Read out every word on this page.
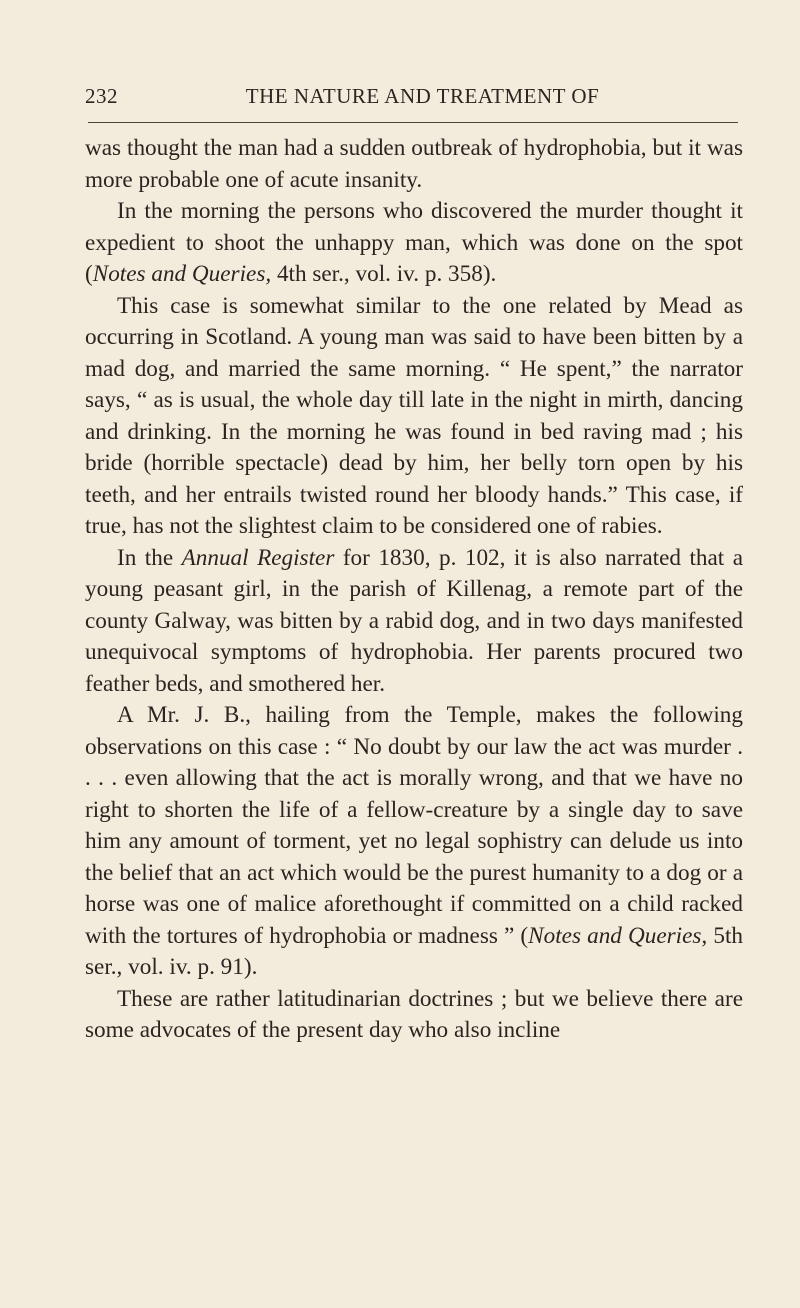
232	THE NATURE AND TREATMENT OF

was thought the man had a sudden outbreak of hydrophobia, but it was more probable one of acute insanity.

In the morning the persons who discovered the murder thought it expedient to shoot the unhappy man, which was done on the spot (Notes and Queries, 4th ser., vol. iv. p. 358).

This case is somewhat similar to the one related by Mead as occurring in Scotland. A young man was said to have been bitten by a mad dog, and married the same morning. “ He spent,” the narrator says, “ as is usual, the whole day till late in the night in mirth, dancing and drinking. In the morning he was found in bed raving mad ; his bride (horrible spectacle) dead by him, her belly torn open by his teeth, and her entrails twisted round her bloody hands.” This case, if true, has not the slightest claim to be considered one of rabies.

In the Annual Register for 1830, p. 102, it is also narrated that a young peasant girl, in the parish of Killenag, a remote part of the county Galway, was bitten by a rabid dog, and in two days manifested unequivocal symptoms of hydrophobia. Her parents procured two feather beds, and smothered her.

A Mr. J. B., hailing from the Temple, makes the following observations on this case : “ No doubt by our law the act was murder . . . . even allowing that the act is morally wrong, and that we have no right to shorten the life of a fellow-creature by a single day to save him any amount of torment, yet no legal sophistry can delude us into the belief that an act which would be the purest humanity to a dog or a horse was one of malice aforethought if committed on a child racked with the tortures of hydrophobia or madness ” (Notes and Queries, 5th ser., vol. iv. p. 91).

These are rather latitudinarian doctrines ; but we believe there are some advocates of the present day who also incline
